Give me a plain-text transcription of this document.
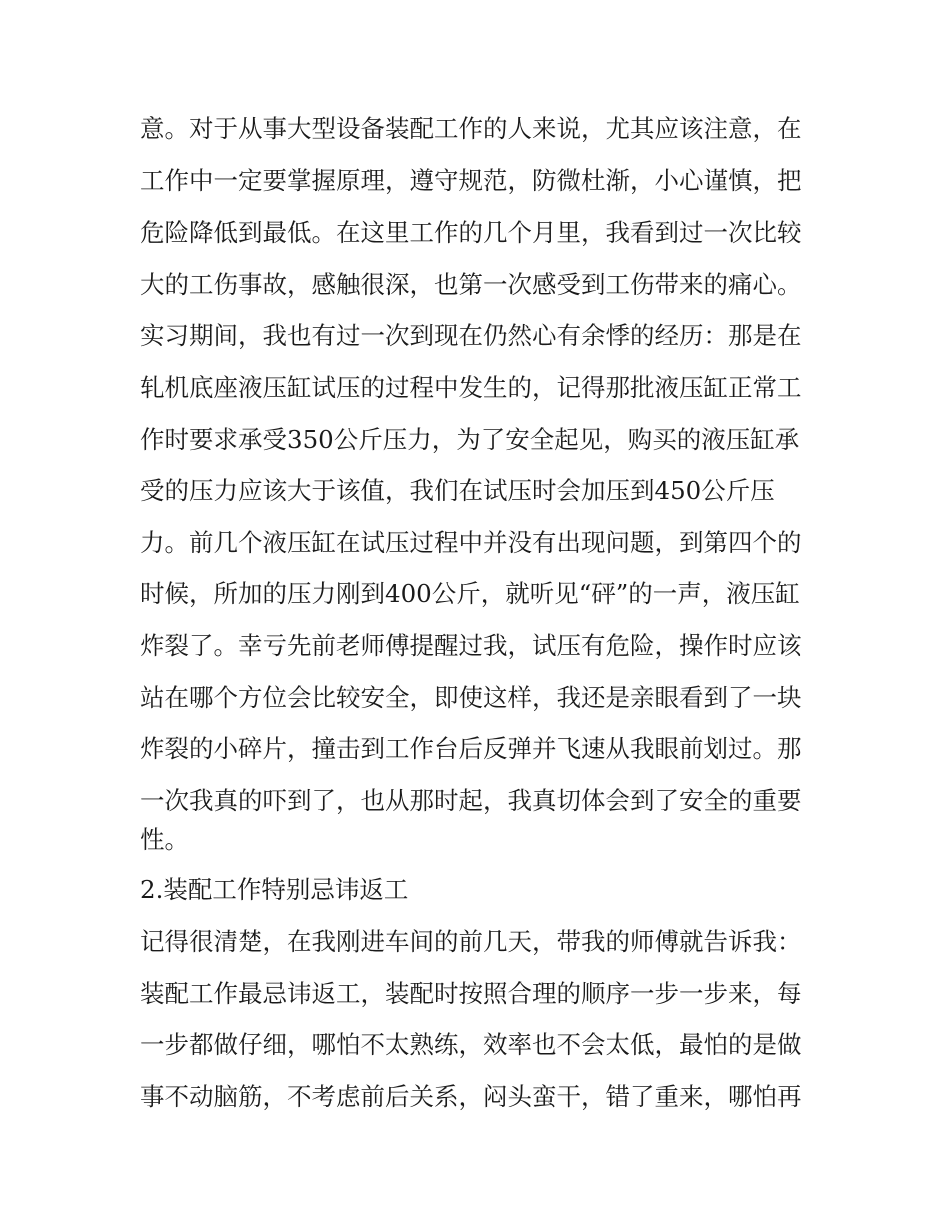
意。对于从事大型设备装配工作的人来说，尤其应该注意，在
工作中一定要掌握原理，遵守规范，防微杜渐，小心谨慎，把
危险降低到最低。在这里工作的几个月里，我看到过一次比较
大的工伤事故，感触很深，也第一次感受到工伤带来的痛心。
实习期间，我也有过一次到现在仍然心有余悸的经历：那是在
轧机底座液压缸试压的过程中发生的，记得那批液压缸正常工
作时要求承受350公斤压力，为了安全起见，购买的液压缸承
受的压力应该大于该值，我们在试压时会加压到450公斤压
力。前几个液压缸在试压过程中并没有出现问题，到第四个的
时候，所加的压力刚到400公斤，就听见“砰”的一声，液压缸
炸裂了。幸亏先前老师傅提醒过我，试压有危险，操作时应该
站在哪个方位会比较安全，即使这样，我还是亲眼看到了一块
炸裂的小碎片，撞击到工作台后反弹并飞速从我眼前划过。那
一次我真的吓到了，也从那时起，我真切体会到了安全的重要
性。
2.装配工作特别忌讳返工
记得很清楚，在我刚进车间的前几天，带我的师傅就告诉我：
装配工作最忌讳返工，装配时按照合理的顺序一步一步来，每
一步都做仔细，哪怕不太熟练，效率也不会太低，最怕的是做
事不动脑筋，不考虑前后关系，闷头蛮干，错了重来，哪怕再
